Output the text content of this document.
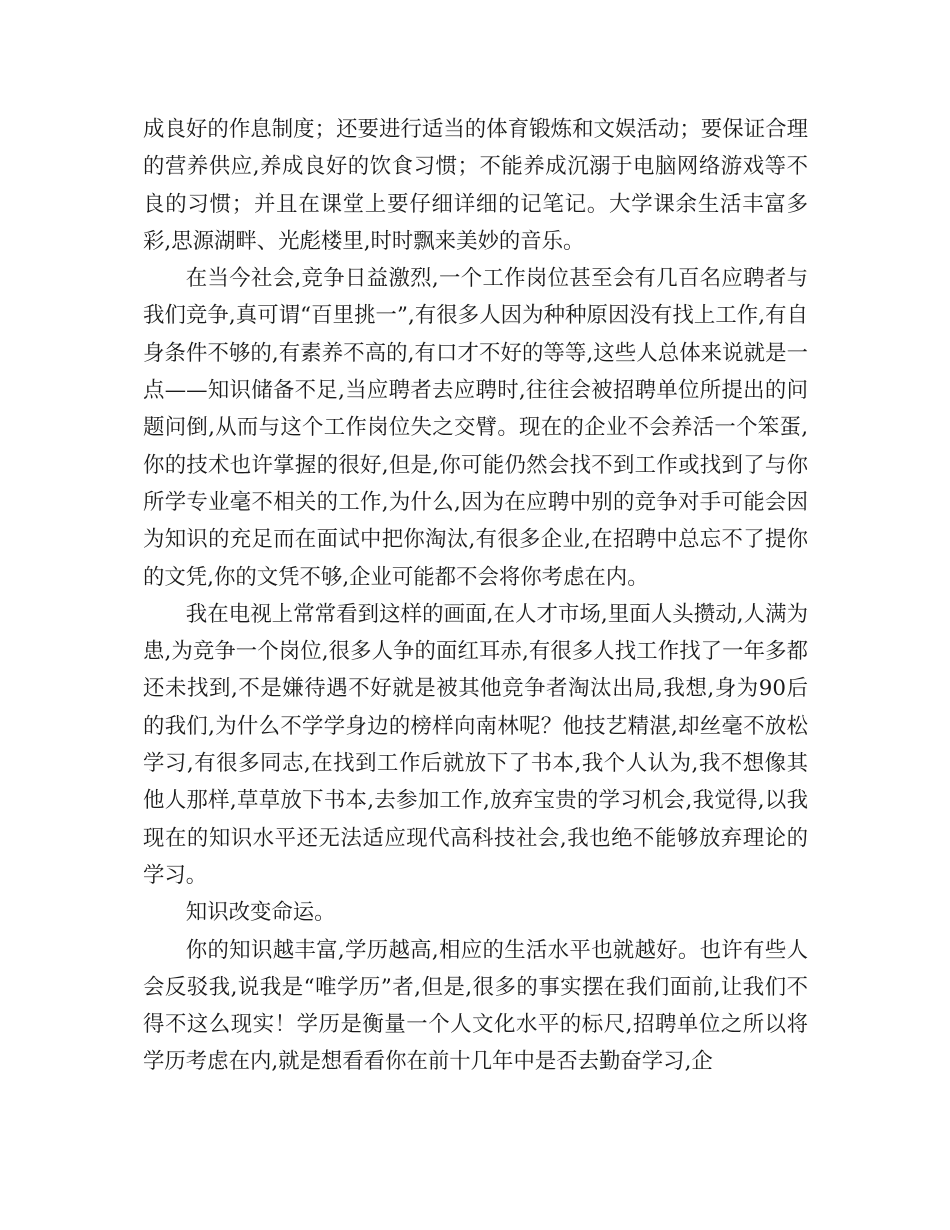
成良好的作息制度；还要进行适当的体育锻炼和文娱活动；要保证合理的营养供应,养成良好的饮食习惯；不能养成沉溺于电脑网络游戏等不良的习惯；并且在课堂上要仔细详细的记笔记。大学课余生活丰富多彩,思源湖畔、光彪楼里,时时飘来美妙的音乐。

在当今社会,竞争日益激烈,一个工作岗位甚至会有几百名应聘者与我们竞争,真可谓“百里挑一”,有很多人因为种种原因没有找上工作,有自身条件不够的,有素养不高的,有口才不好的等等,这些人总体来说就是一点——知识储备不足,当应聘者去应聘时,往往会被招聘单位所提出的问题问倒,从而与这个工作岗位失之交臂。现在的企业不会养活一个笨蛋,你的技术也许掌握的很好,但是,你可能仍然会找不到工作或找到了与你所学专业毫不相关的工作,为什么,因为在应聘中别的竞争对手可能会因为知识的充足而在面试中把你淘汰,有很多企业,在招聘中总忘不了提你的文凭,你的文凭不够,企业可能都不会将你考虑在内。

我在电视上常常看到这样的画面,在人才市场,里面人头攒动,人满为患,为竞争一个岗位,很多人争的面红耳赤,有很多人找工作找了一年多都还未找到,不是嫌待遇不好就是被其他竞争者淘汰出局,我想,身为90后的我们,为什么不学学身边的榜样向南林呢？他技艺精湛,却丝毫不放松学习,有很多同志,在找到工作后就放下了书本,我个人认为,我不想像其他人那样,草草放下书本,去参加工作,放弃宝贵的学习机会,我觉得,以我现在的知识水平还无法适应现代高科技社会,我也绝不能够放弃理论的学习。

知识改变命运。

你的知识越丰富,学历越高,相应的生活水平也就越好。也许有些人会反驳我,说我是“唯学历”者,但是,很多的事实摆在我们面前,让我们不得不这么现实！学历是衡量一个人文化水平的标尺,招聘单位之所以将学历考虑在内,就是想看看你在前十几年中是否去勤奋学习,企
